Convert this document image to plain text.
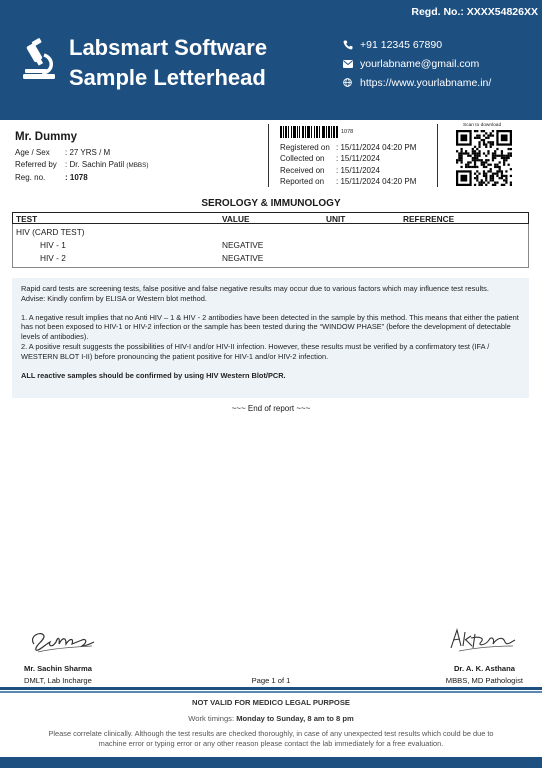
Regd. No.: XXXX54826XX
Labsmart Software
Sample Letterhead
+91 12345 67890
yourlabname@gmail.com
https://www.yourlabname.in/
Mr. Dummy
Age / Sex : 27 YRS / M
Referred by : Dr. Sachin Patil (MBBS)
Reg. no. : 1078
1078
Registered on : 15/11/2024 04:20 PM
Collected on : 15/11/2024
Received on : 15/11/2024
Reported on : 15/11/2024 04:20 PM
Scan to download
SEROLOGY & IMMUNOLOGY
TEST	VALUE	UNIT	REFERENCE
HIV (CARD TEST)
HIV - 1	NEGATIVE
HIV - 2	NEGATIVE

Rapid card tests are screening tests, false positive and false negative results may occur due to various factors which may influence test results.

Advise: Kindly confirm by ELISA or Western blot method.

1. A negative result implies that no Anti HIV – 1 & HIV - 2 antibodies have been detected in the sample by this method. This means that either the patient has not been exposed to HIV-1 or HIV-2 infection or the sample has been tested during the “WINDOW PHASE” (before the development of detectable levels of antibodies).

2. A positive result suggests the possibilities of HIV-I and/or HIV-II infection. However, these results must be verified by a confirmatory test (IFA / WESTERN BLOT I-II) before pronouncing the patient positive for HIV-1 and/or HIV-2 infection.

ALL reactive samples should be confirmed by using HIV Western Blot/PCR.

~~~ End of report ~~~
Mr. Sachin Sharma
DMLT, Lab Incharge
Dr. A. K. Asthana
MBBS, MD Pathologist
Page 1 of 1
NOT VALID FOR MEDICO LEGAL PURPOSE
Work timings: Monday to Sunday, 8 am to 8 pm
Please correlate clinically. Although the test results are checked thoroughly, in case of any unexpected test results which could be due to machine error or typing error or any other reason please contact the lab immediately for a free evaluation.
